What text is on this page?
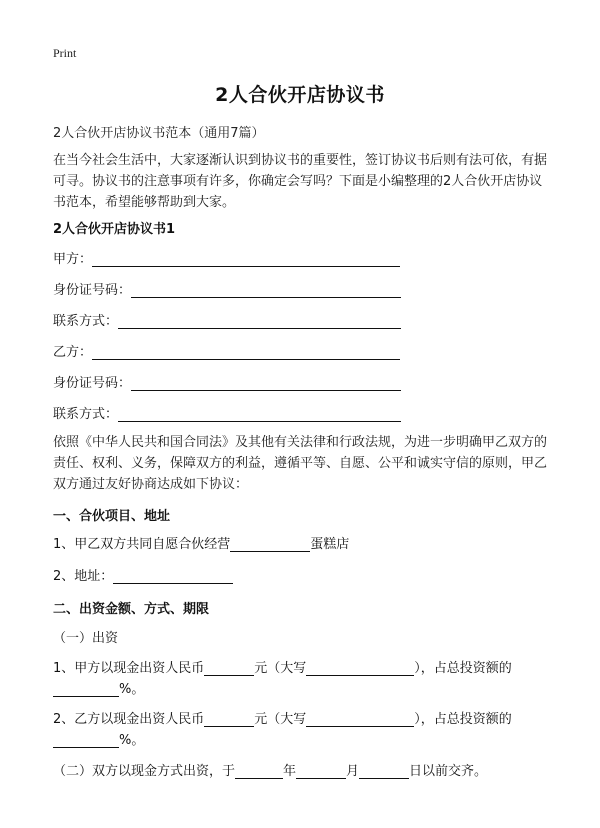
Print
2人合伙开店协议书
2人合伙开店协议书范本（通用7篇）
在当今社会生活中，大家逐渐认识到协议书的重要性，签订协议书后则有法可依，有据可寻。协议书的注意事项有许多，你确定会写吗？下面是小编整理的2人合伙开店协议书范本，希望能够帮助到大家。
2人合伙开店协议书1
甲方：
身份证号码：
联系方式：
乙方：
身份证号码：
联系方式：
依照《中华人民共和国合同法》及其他有关法律和行政法规，为进一步明确甲乙双方的责任、权利、义务，保障双方的利益，遵循平等、自愿、公平和诚实守信的原则，甲乙双方通过友好协商达成如下协议：
一、合伙项目、地址
1、甲乙双方共同自愿合伙经营	蛋糕店
2、地址：
二、出资金额、方式、期限
（一）出资
1、甲方以现金出资人民币	元（大写	），占总投资额的
%。
2、乙方以现金出资人民币	元（大写	），占总投资额的
%。
（二）双方以现金方式出资，于	年	月	日以前交齐。
